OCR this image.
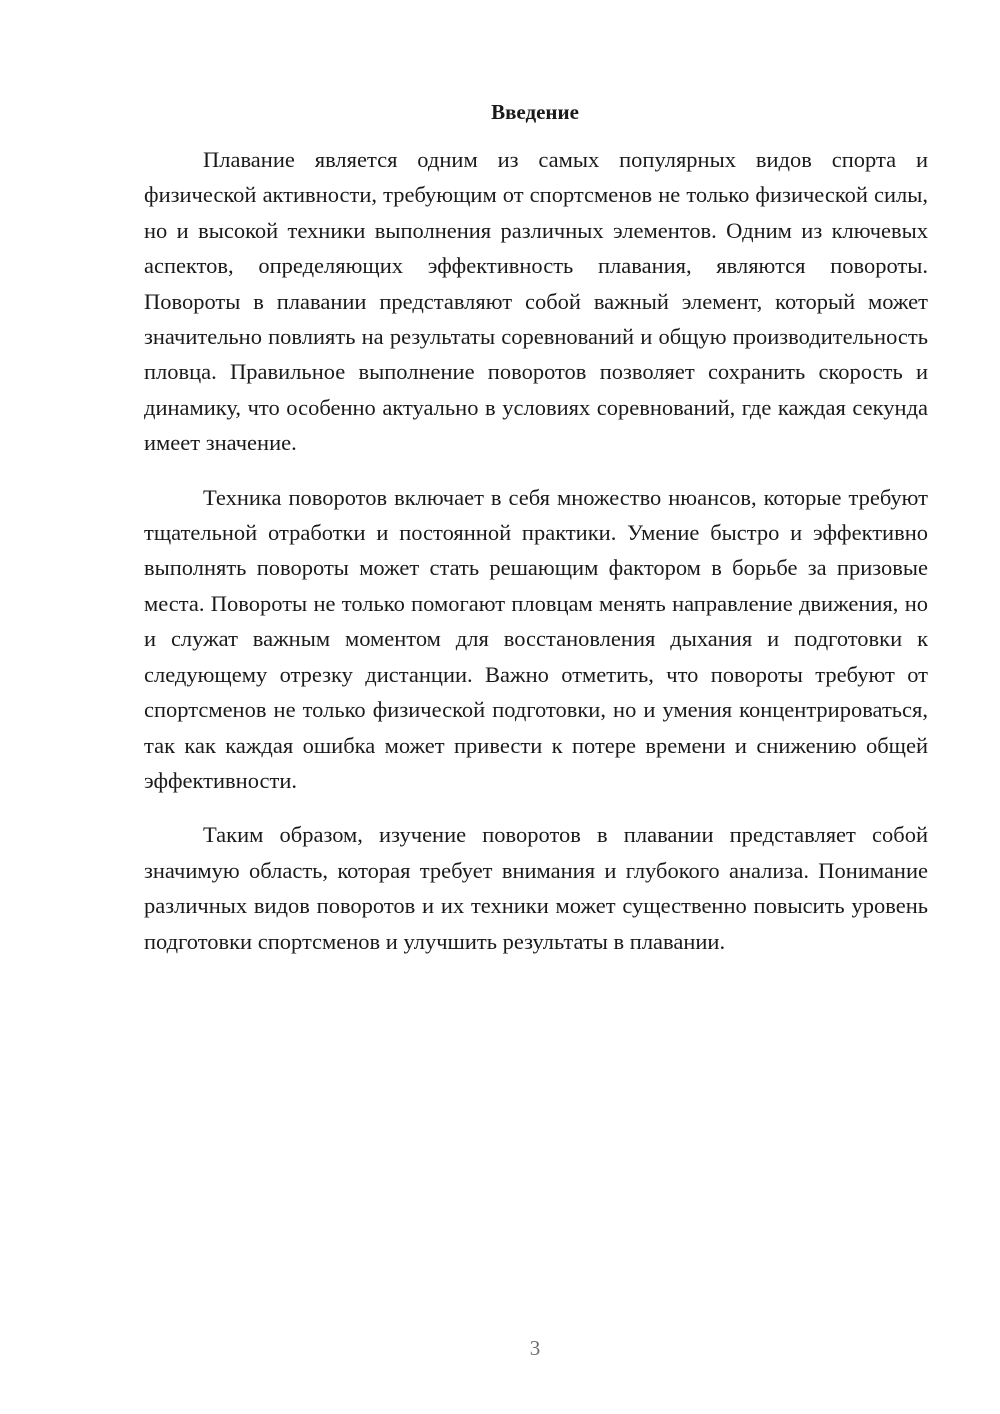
Введение

Плавание является одним из самых популярных видов спорта и физической активности, требующим от спортсменов не только физической силы, но и высокой техники выполнения различных элементов. Одним из ключевых аспектов, определяющих эффективность плавания, являются повороты. Повороты в плавании представляют собой важный элемент, который может значительно повлиять на результаты соревнований и общую производительность пловца. Правильное выполнение поворотов позволяет сохранить скорость и динамику, что особенно актуально в условиях соревнований, где каждая секунда имеет значение.

Техника поворотов включает в себя множество нюансов, которые требуют тщательной отработки и постоянной практики. Умение быстро и эффективно выполнять повороты может стать решающим фактором в борьбе за призовые места. Повороты не только помогают пловцам менять направление движения, но и служат важным моментом для восстановления дыхания и подготовки к следующему отрезку дистанции. Важно отметить, что повороты требуют от спортсменов не только физической подготовки, но и умения концентрироваться, так как каждая ошибка может привести к потере времени и снижению общей эффективности.

Таким образом, изучение поворотов в плавании представляет собой значимую область, которая требует внимания и глубокого анализа. Понимание различных видов поворотов и их техники может существенно повысить уровень подготовки спортсменов и улучшить результаты в плавании.

3
